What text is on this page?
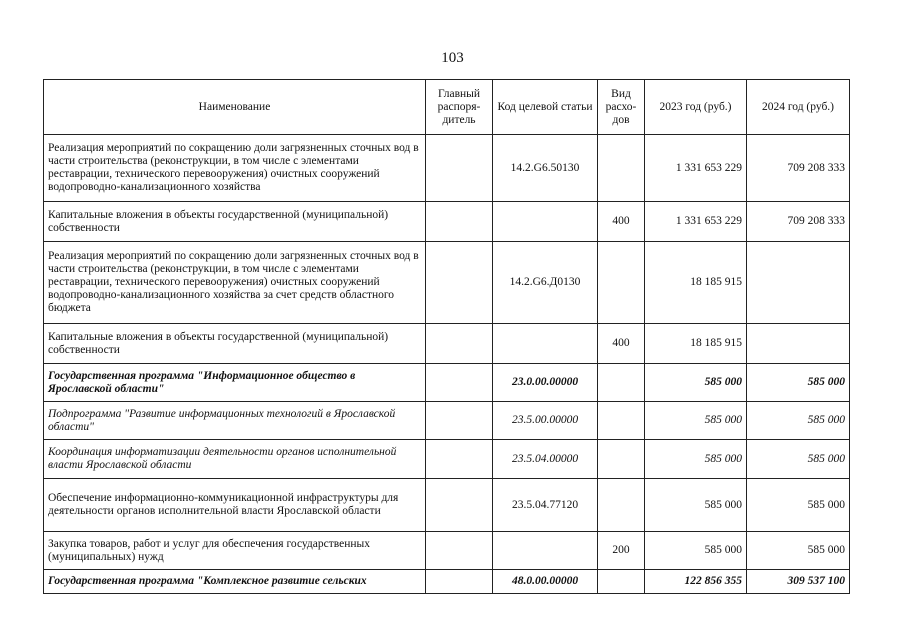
103
Наименование	Главный распоря-дитель	Код целевой статьи	Вид расхо-дов	2023 год (руб.)	2024 год (руб.)
Реализация мероприятий по сокращению доли загрязненных сточных вод в части строительства (реконструкции, в том числе с элементами реставрации, технического перевооружения) очистных сооружений водопроводно-канализационного хозяйства		14.2.G6.50130		1 331 653 229	709 208 333
Капитальные вложения в объекты государственной (муниципальной) собственности			400	1 331 653 229	709 208 333
Реализация мероприятий по сокращению доли загрязненных сточных вод в части строительства (реконструкции, в том числе с элементами реставрации, технического перевооружения) очистных сооружений водопроводно-канализационного хозяйства за счет средств областного бюджета		14.2.G6.Д0130		18 185 915	
Капитальные вложения в объекты государственной (муниципальной) собственности			400	18 185 915	
Государственная программа "Информационное общество в Ярославской области"		23.0.00.00000		585 000	585 000
Подпрограмма "Развитие информационных технологий в Ярославской области"		23.5.00.00000		585 000	585 000
Координация информатизации деятельности органов исполнительной власти Ярославской области		23.5.04.00000		585 000	585 000
Обеспечение информационно-коммуникационной инфраструктуры для деятельности органов исполнительной власти Ярославской области		23.5.04.77120		585 000	585 000
Закупка товаров, работ и услуг для обеспечения государственных (муниципальных) нужд			200	585 000	585 000
Государственная программа "Комплексное развитие сельских		48.0.00.00000		122 856 355	309 537 100
